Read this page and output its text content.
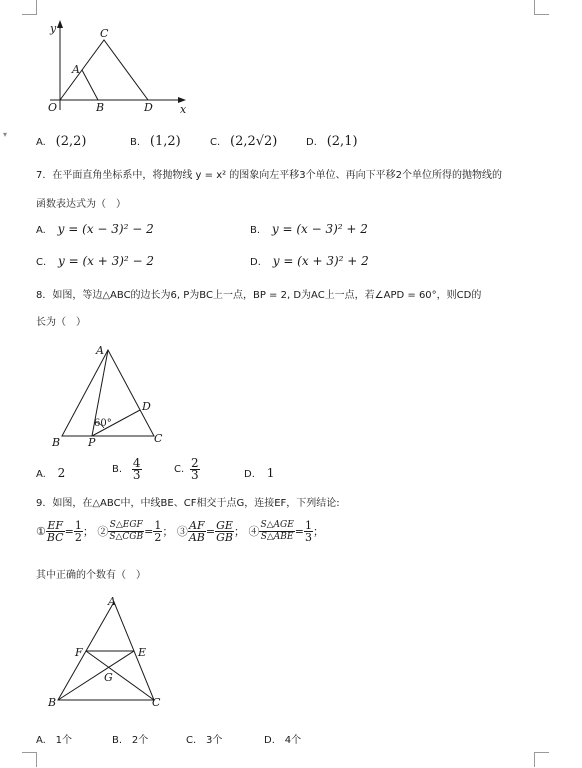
▾
y	C
A
O	B	D x
A. (2,2)	B. (1,2)	C. (2,2√2)	D. (2,1)
7．在平面直角坐标系中，将抛物线 y = x² 的图象向左平移3个单位、再向下平移2个单位所得的抛物线的
函数表达式为（　）
A. y = (x − 3)² − 2	B. y = (x − 3)² + 2
C. y = (x + 3)² − 2	D. y = (x + 3)² + 2
8．如图，等边△ABC的边长为6, P为BC上一点，BP = 2, D为AC上一点，若∠APD = 60°，则CD的
长为（　）
A
D
60°
B	P	C
A. 2	B. $\frac{4}{3}$	C. $\frac{2}{3}$	D. 1
9．如图，在△ABC中，中线BE、CF相交于点G，连接EF，下列结论:
① $\frac{EF}{BC} = \frac{1}{2}$ ； ② $\frac{\text{S△EGF}}{\text{S△CGB}} = \frac{1}{2}$ ； ③ $\frac{AF}{AB} = \frac{GE}{GB}$ ； ④ $\frac{\text{S△AGE}}{\text{S△ABE}} = \frac{1}{3}$ ；
其中正确的个数有（　）
A
F	E
G
B	C
A. 1个	B. 2个	C. 3个	D. 4个
